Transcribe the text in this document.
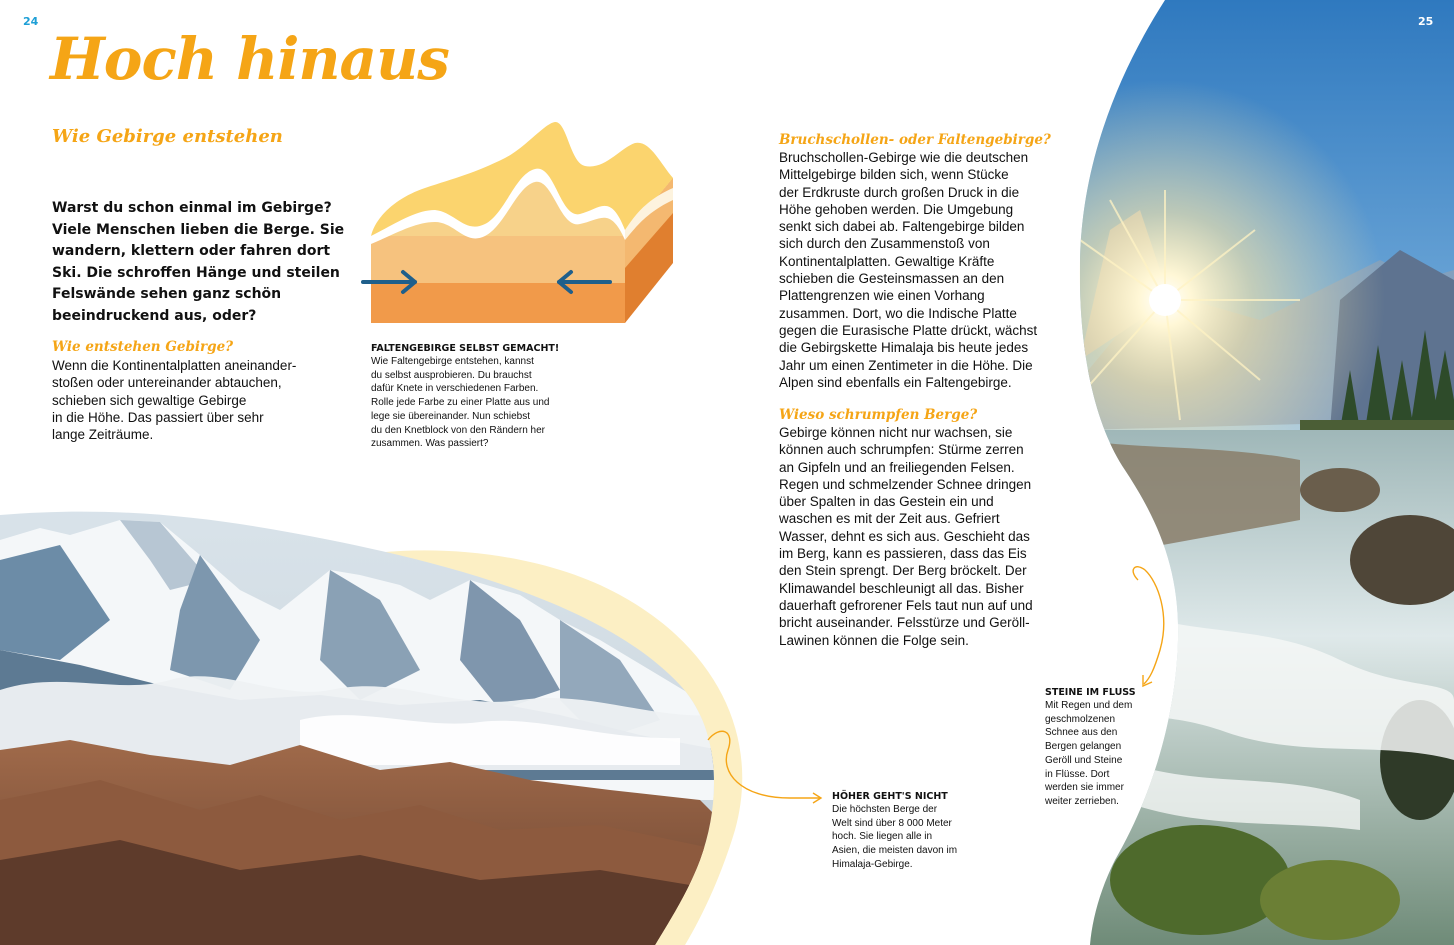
24	25
Hoch hinaus
Wie Gebirge entstehen
Warst du schon einmal im Gebirge? Viele Menschen lieben die Berge. Sie wandern, klettern oder fahren dort Ski. Die schroffen Hänge und steilen Felswände sehen ganz schön beeindruckend aus, oder?
Wie entstehen Gebirge?
Wenn die Kontinentalplatten aneinander-
stoßen oder untereinander abtauchen,
schieben sich gewaltige Gebirge
in die Höhe. Das passiert über sehr
lange Zeiträume.
FALTENGEBIRGE SELBST GEMACHT!
Wie Faltengebirge entstehen, kannst
du selbst ausprobieren. Du brauchst
dafür Knete in verschiedenen Farben.
Rolle jede Farbe zu einer Platte aus und
lege sie übereinander. Nun schiebst
du den Knetblock von den Rändern her
zusammen. Was passiert?
Bruchschollen- oder Faltengebirge?
Bruchschollen-Gebirge wie die deutschen
Mittelgebirge bilden sich, wenn Stücke
der Erdkruste durch großen Druck in die
Höhe gehoben werden. Die Umgebung
senkt sich dabei ab. Faltengebirge bilden
sich durch den Zusammenstoß von
Kontinentalplatten. Gewaltige Kräfte
schieben die Gesteinsmassen an den
Plattengrenzen wie einen Vorhang
zusammen. Dort, wo die Indische Platte
gegen die Eurasische Platte drückt, wächst
die Gebirgskette Himalaja bis heute jedes
Jahr um einen Zentimeter in die Höhe. Die
Alpen sind ebenfalls ein Faltengebirge.
Wieso schrumpfen Berge?
Gebirge können nicht nur wachsen, sie
können auch schrumpfen: Stürme zerren
an Gipfeln und an freiliegenden Felsen.
Regen und schmelzender Schnee dringen
über Spalten in das Gestein ein und
waschen es mit der Zeit aus. Gefriert
Wasser, dehnt es sich aus. Geschieht das
im Berg, kann es passieren, dass das Eis
den Stein sprengt. Der Berg bröckelt. Der
Klimawandel beschleunigt all das. Bisher
dauerhaft gefrorener Fels taut nun auf und
bricht auseinander. Felsstürze und Geröll-
Lawinen können die Folge sein.
HÖHER GEHT'S NICHT
Die höchsten Berge der
Welt sind über 8 000 Meter
hoch. Sie liegen alle in
Asien, die meisten davon im
Himalaja-Gebirge.
STEINE IM FLUSS
Mit Regen und dem
geschmolzenen
Schnee aus den
Bergen gelangen
Geröll und Steine
in Flüsse. Dort
werden sie immer
weiter zerrieben.
